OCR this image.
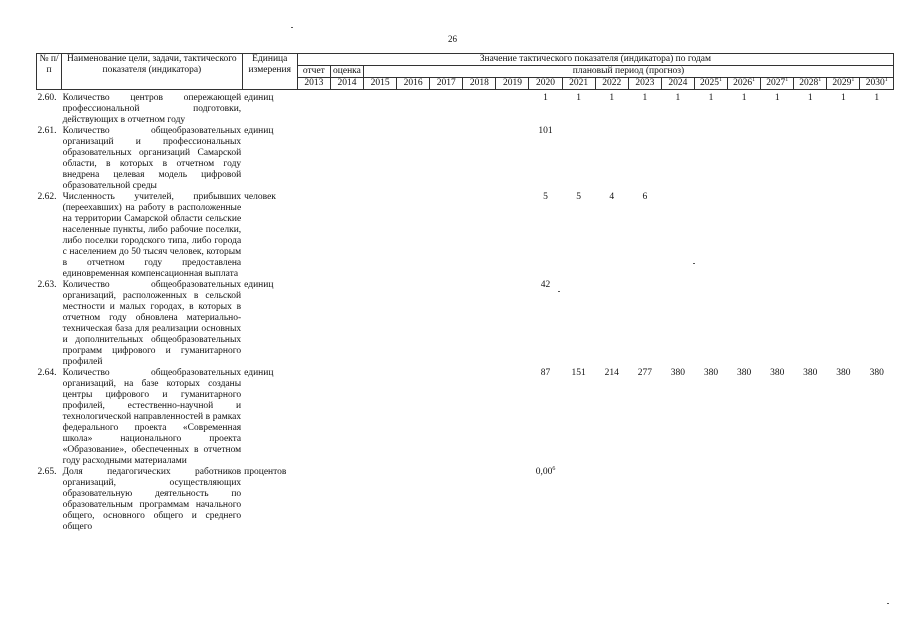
26
№ п/п	Наименование цели, задачи, тактического показателя (индикатора)	Единица измерения	Значение тактического показателя (индикатора) по годам																	
			отчет	оценка	плановый период (прогноз)															
			2013	2014	2015	2016	2017	2018	2019	2020	2021	2022	2023	2024	2025$^1$	2026$^1$	2027$^1$	2028$^1$	2029$^1$	2030$^1$
2.60.	Количество центров опережающей профессиональной подготовки, действующих в отчетном году	единиц								1	1	1	1	1	1	1	1	1	1	1
2.61.	Количество общеобразовательных организаций и профессиональных образовательных организаций Самарской области, в которых в отчетном году внедрена целевая модель цифровой образовательной среды	единиц								101										
2.62.	Численность учителей, прибывших (переехавших) на работу в расположенные на территории Самарской области сельские населенные пункты, либо рабочие поселки, либо поселки городского типа, либо города с населением до 50 тысяч человек, которым в отчетном году предоставлена единовременная компенсационная выплата	человек								5	5	4	6							
2.63.	Количество общеобразовательных организаций, расположенных в сельской местности и малых городах, в которых в отчетном году обновлена материально-техническая база для реализации основных и дополнительных общеобразовательных программ цифрового и гуманитарного профилей	единиц								42										
2.64.	Количество общеобразовательных организаций, на базе которых созданы центры цифрового и гуманитарного профилей, естественно-научной и технологической направленностей в рамках федерального проекта «Современная школа» национального проекта «Образование», обеспеченных в отчетном году расходными материалами	единиц								87	151	214	277	380	380	380	380	380	380	380
2.65.	Доля педагогических работников организаций, осуществляющих образовательную деятельность по образовательным программам начального общего, основного общего и среднего общего	процентов								0,00$^6$										
